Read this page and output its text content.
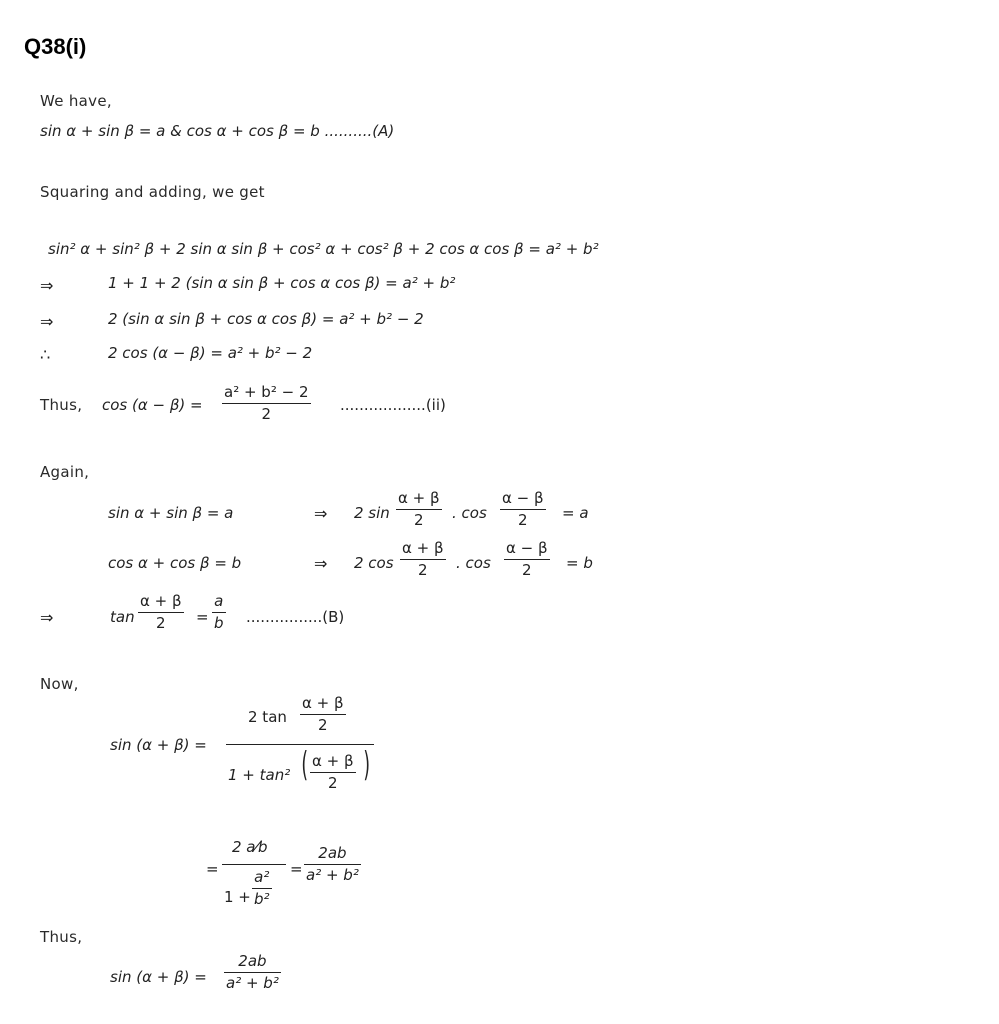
Q38(i)
We have,
sin α + sin β = a & cos α + cos β = b ..........(A)
Squaring and adding, we get
sin² α + sin² β + 2 sin α sin β + cos² α + cos² β + 2 cos α cos β = a² + b²
⇒	1 + 1 + 2 (sin α sin β + cos α cos β) = a² + b²
⇒	2 (sin α sin β + cos α cos β) = a² + b² − 2
∴	2 cos (α − β) = a² + b² − 2
Thus, cos (α − β) =
a² + b² − 2
2	..................(ii)
Again,
sin α + sin β = a	⇒ 2 sin
α + β
2 . cos
α − β
2 = a
cos α + cos β = b	⇒ 2 cos
α + β
2 . cos
α − β
2 = b
⇒	tan
α + β
2 =
a
b ................(B)
Now,
sin (α + β) =
2 tan
α + β
2
1 + tan² ( α + β
2 )
=
2 a⁄b
1 +
a²
b²
=
2ab
a² + b²
Thus,
sin (α + β) =
2ab
a² + b²
